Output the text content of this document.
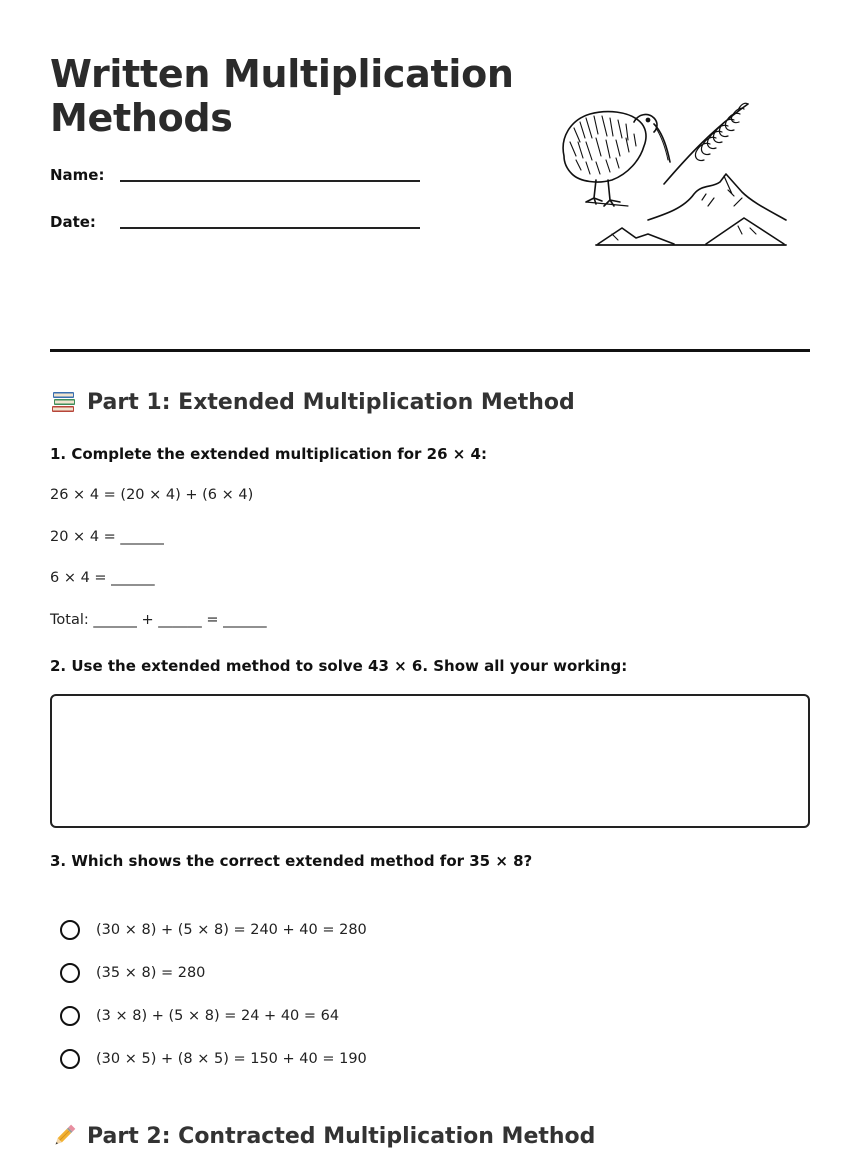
Written Multiplication
Methods
Name:
Date:
Part 1: Extended Multiplication Method

1. Complete the extended multiplication for 26 × 4:

26 × 4 = (20 × 4) + (6 × 4)

20 × 4 = ______

6 × 4 = ______

Total: ______ + ______ = ______

2. Use the extended method to solve 43 × 6. Show all your working:

3. Which shows the correct extended method for 35 × 8?

(30 × 8) + (5 × 8) = 240 + 40 = 280
(35 × 8) = 280
(3 × 8) + (5 × 8) = 24 + 40 = 64
(30 × 5) + (8 × 5) = 150 + 40 = 190
Part 2: Contracted Multiplication Method
